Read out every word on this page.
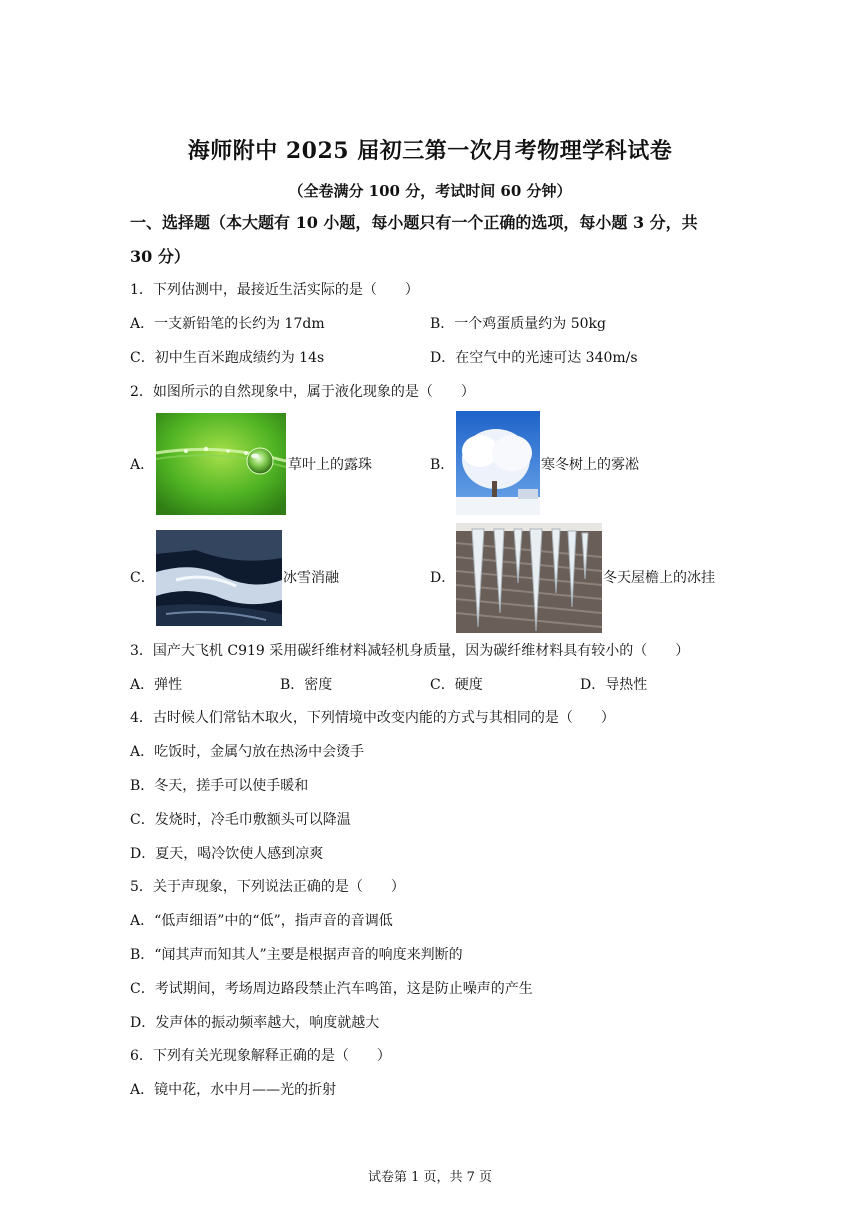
海师附中 2025 届初三第一次月考物理学科试卷
（全卷满分 100 分，考试时间 60 分钟）
一、选择题（本大题有 10 小题，每小题只有一个正确的选项，每小题 3 分，共
30 分）
1．下列估测中，最接近生活实际的是（　　）
A．一支新铅笔的长约为 17dm	B．一个鸡蛋质量约为 50kg
C．初中生百米跑成绩约为 14s	D．在空气中的光速可达 340m/s
2．如图所示的自然现象中，属于液化现象的是（　　）
A．	草叶上的露珠	B．	寒冬树上的雾凇
C．	冰雪消融	D．	冬天屋檐上的冰挂
3．国产大飞机 C919 采用碳纤维材料减轻机身质量，因为碳纤维材料具有较小的（　　）
A．弹性	B．密度	C．硬度	D．导热性
4．古时候人们常钻木取火，下列情境中改变内能的方式与其相同的是（　　）
A．吃饭时，金属勺放在热汤中会烫手
B．冬天，搓手可以使手暖和
C．发烧时，冷毛巾敷额头可以降温
D．夏天，喝冷饮使人感到凉爽
5．关于声现象，下列说法正确的是（　　）
A．“低声细语”中的“低”，指声音的音调低
B．“闻其声而知其人”主要是根据声音的响度来判断的
C．考试期间，考场周边路段禁止汽车鸣笛，这是防止噪声的产生
D．发声体的振动频率越大，响度就越大
6．下列有关光现象解释正确的是（　　）
A．镜中花，水中月——光的折射
试卷第 1 页，共 7 页
